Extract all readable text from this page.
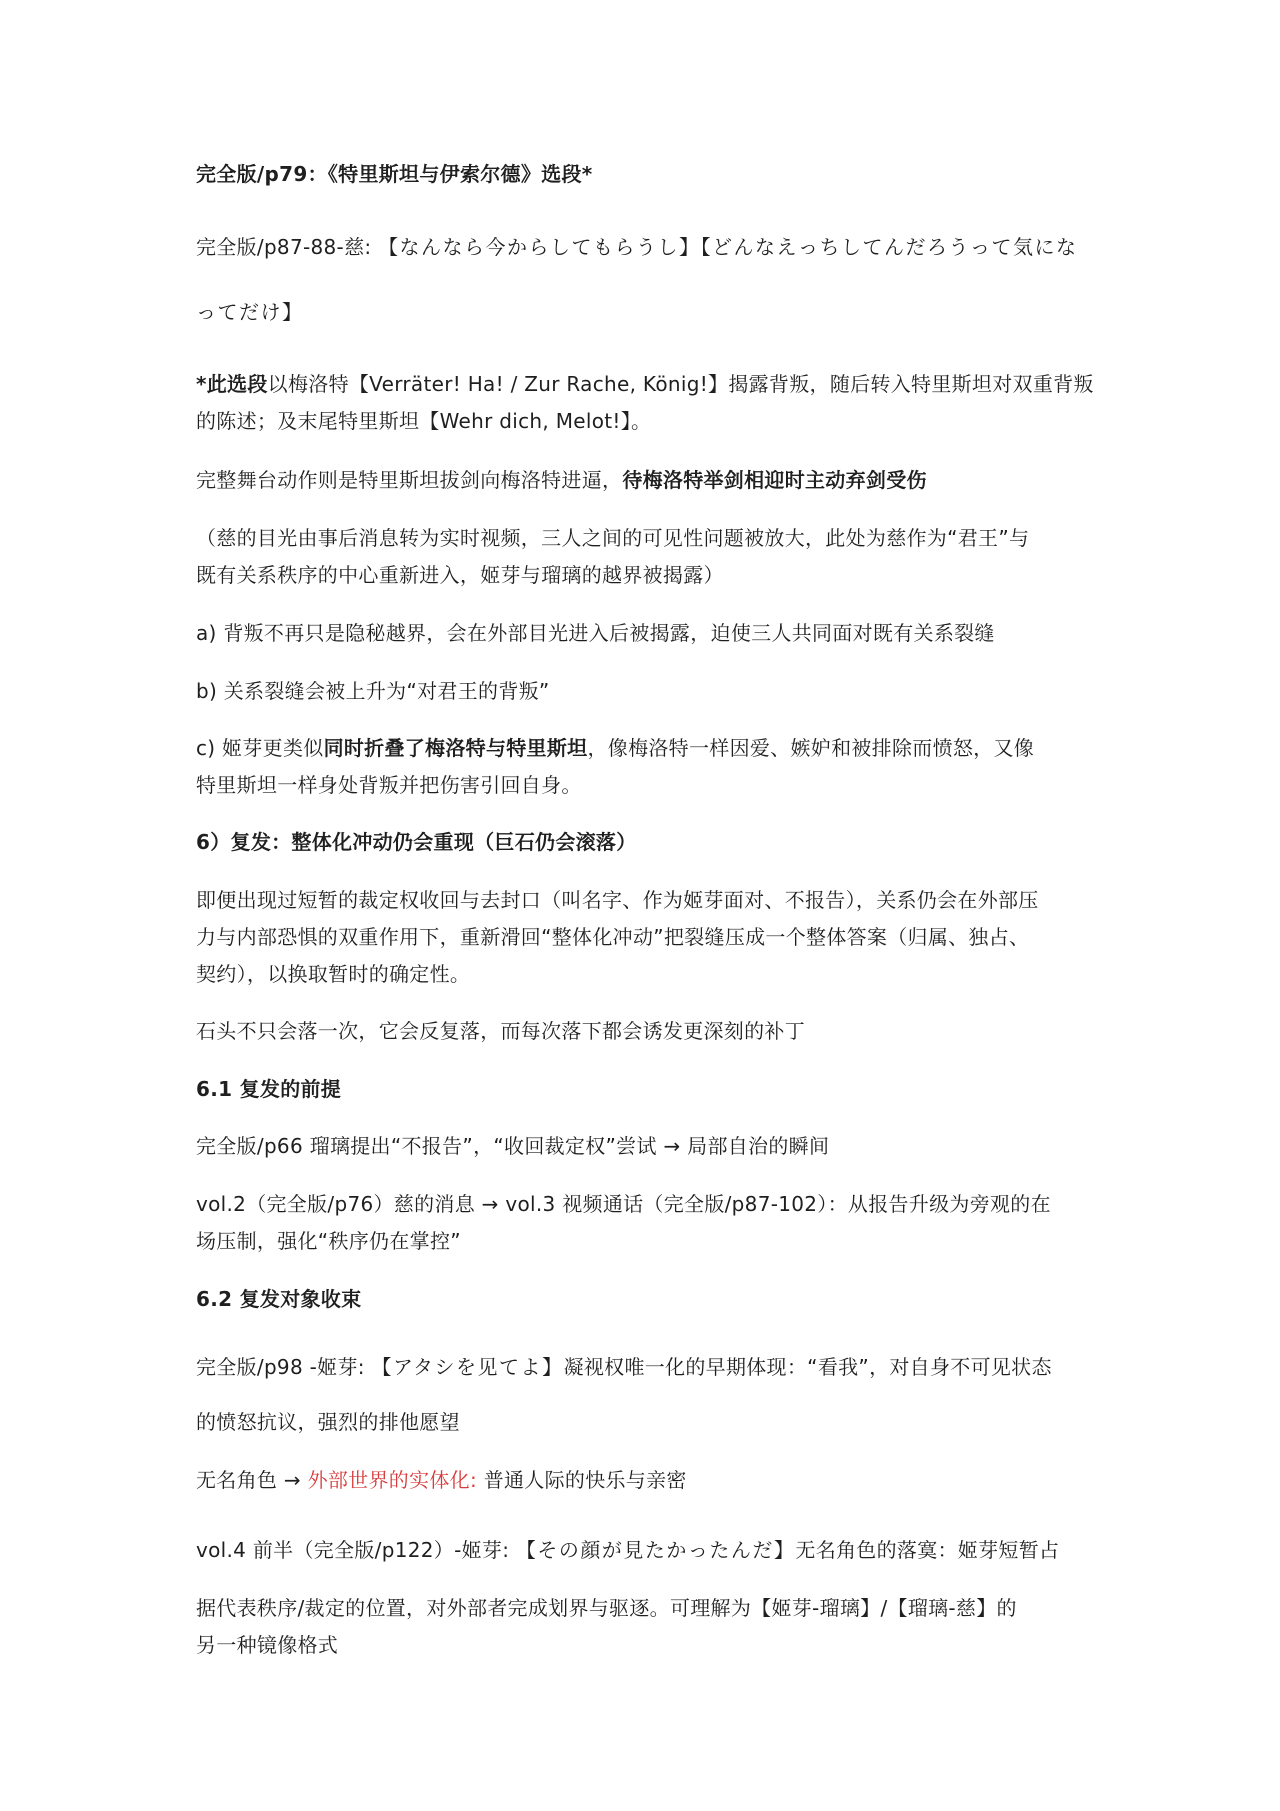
完全版/p79：《特里斯坦与伊索尔德》选段*
完全版/p87-88-慈: 【なんなら今からしてもらうし】【どんなえっちしてんだろうって気にな
ってだけ】
*此选段以梅洛特【Verräter! Ha! / Zur Rache, König!】揭露背叛，随后转入特里斯坦对双重背叛
的陈述；及末尾特里斯坦【Wehr dich, Melot!】。
完整舞台动作则是特里斯坦拔剑向梅洛特进逼，待梅洛特举剑相迎时主动弃剑受伤
（慈的目光由事后消息转为实时视频，三人之间的可见性问题被放大，此处为慈作为“君王”与
既有关系秩序的中心重新进入，姬芽与瑠璃的越界被揭露）
a) 背叛不再只是隐秘越界，会在外部目光进入后被揭露，迫使三人共同面对既有关系裂缝
b) 关系裂缝会被上升为“对君王的背叛”
c) 姬芽更类似同时折叠了梅洛特与特里斯坦，像梅洛特一样因爱、嫉妒和被排除而愤怒，又像
特里斯坦一样身处背叛并把伤害引回自身。
6）复发：整体化冲动仍会重现（巨石仍会滚落）
即便出现过短暂的裁定权收回与去封口（叫名字、作为姬芽面对、不报告），关系仍会在外部压
力与内部恐惧的双重作用下，重新滑回“整体化冲动”把裂缝压成一个整体答案（归属、独占、
契约），以换取暂时的确定性。
石头不只会落一次，它会反复落，而每次落下都会诱发更深刻的补丁
6.1 复发的前提
完全版/p66 瑠璃提出“不报告”，“收回裁定权”尝试 → 局部自治的瞬间
vol.2（完全版/p76）慈的消息 → vol.3 视频通话（完全版/p87-102）：从报告升级为旁观的在
场压制，强化“秩序仍在掌控”
6.2 复发对象收束
完全版/p98 -姬芽: 【アタシを见てよ】凝视权唯一化的早期体现：“看我”，对自身不可见状态
的愤怒抗议，强烈的排他愿望
无名角色 → 外部世界的实体化: 普通人际的快乐与亲密
vol.4 前半（完全版/p122）-姬芽: 【その顔が見たかったんだ】无名角色的落寞：姬芽短暂占
据代表秩序/裁定的位置，对外部者完成划界与驱逐。可理解为【姬芽-瑠璃】/【瑠璃-慈】的
另一种镜像格式
